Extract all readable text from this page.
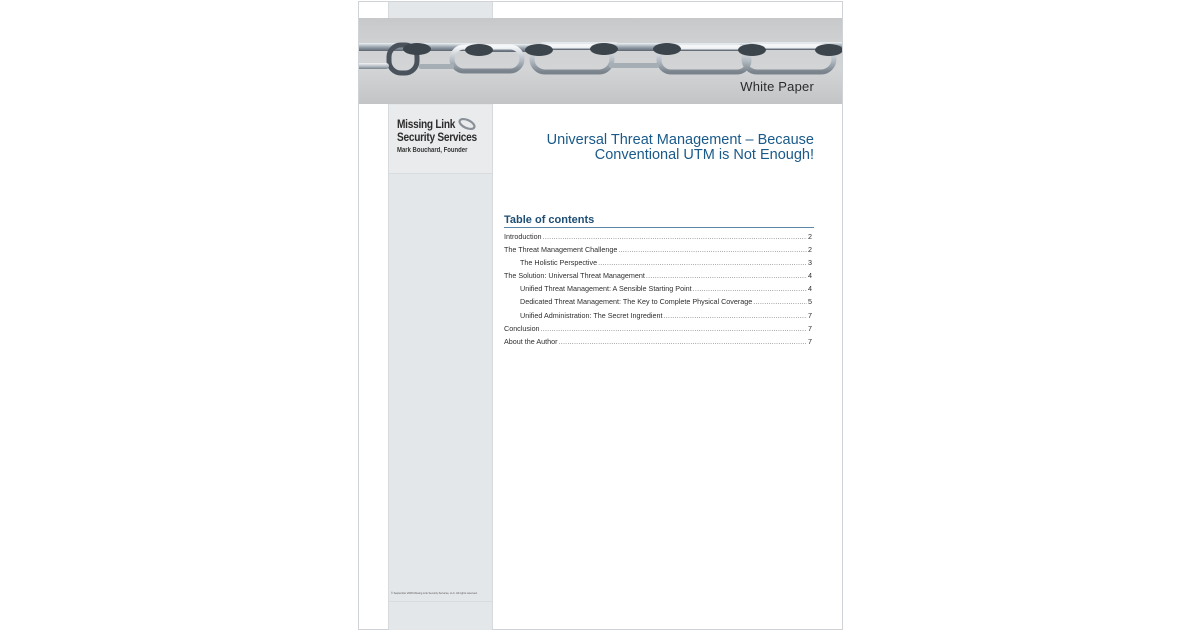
White Paper
Missing Link
Security Services
Mark Bouchard, Founder
© September 2006 Missing Link Security Services, LLC. All rights reserved.
Universal Threat Management – Because
Conventional UTM is Not Enough!
Table of contents
Introduction .....	2
The Threat Management Challenge .....	2
The Holistic Perspective .....	3
The Solution: Universal Threat Management .....	4
Unified Threat Management: A Sensible Starting Point .....	4
Dedicated Threat Management: The Key to Complete Physical Coverage .....	5
Unified Administration: The Secret Ingredient .....	7
Conclusion .....	7
About the Author .....	7
